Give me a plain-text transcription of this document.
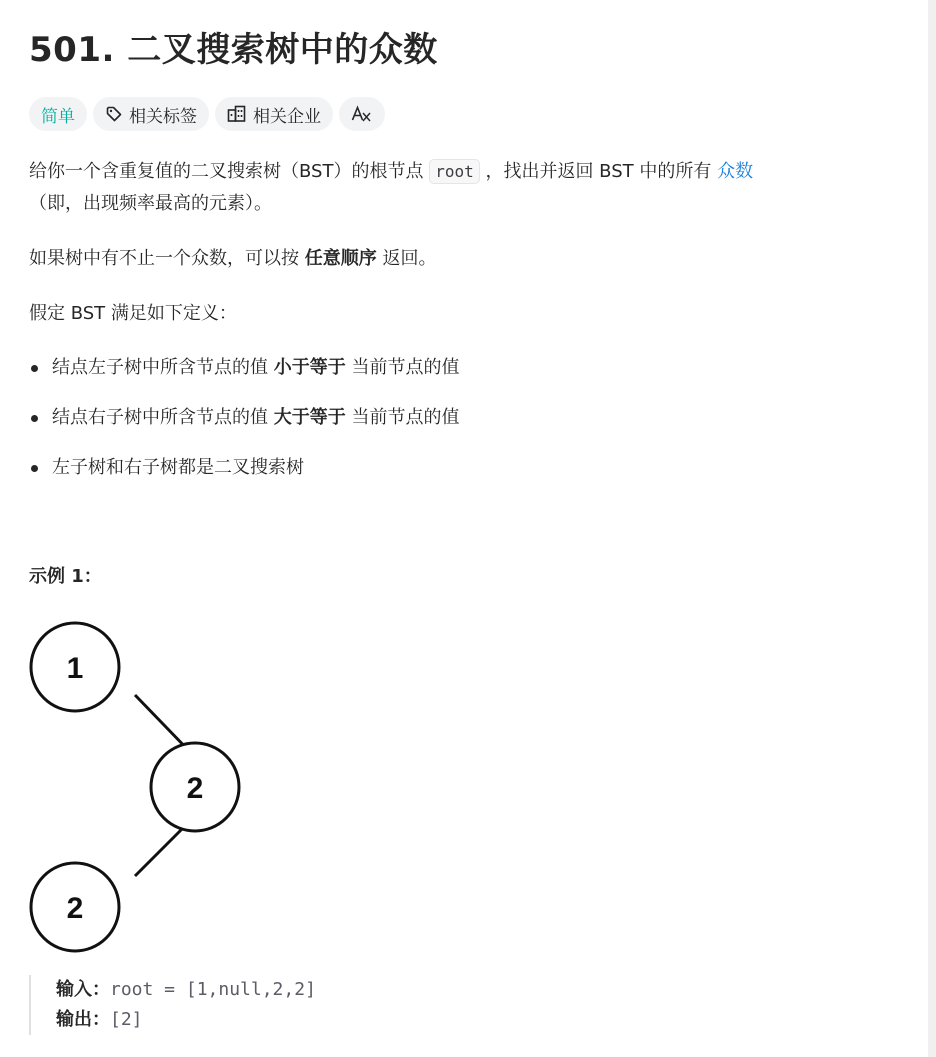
501. 二叉搜索树中的众数
简单	相关标签	相关企业

给你一个含重复值的二叉搜索树（BST）的根节点 root ，找出并返回 BST 中的所有 众数
（即，出现频率最高的元素）。

如果树中有不止一个众数，可以按 任意顺序 返回。

假定 BST 满足如下定义：

结点左子树中所含节点的值 小于等于 当前节点的值
结点右子树中所含节点的值 大于等于 当前节点的值
左子树和右子树都是二叉搜索树
示例 1：
1
2
2
输入：root = [1,null,2,2]
输出：[2]
